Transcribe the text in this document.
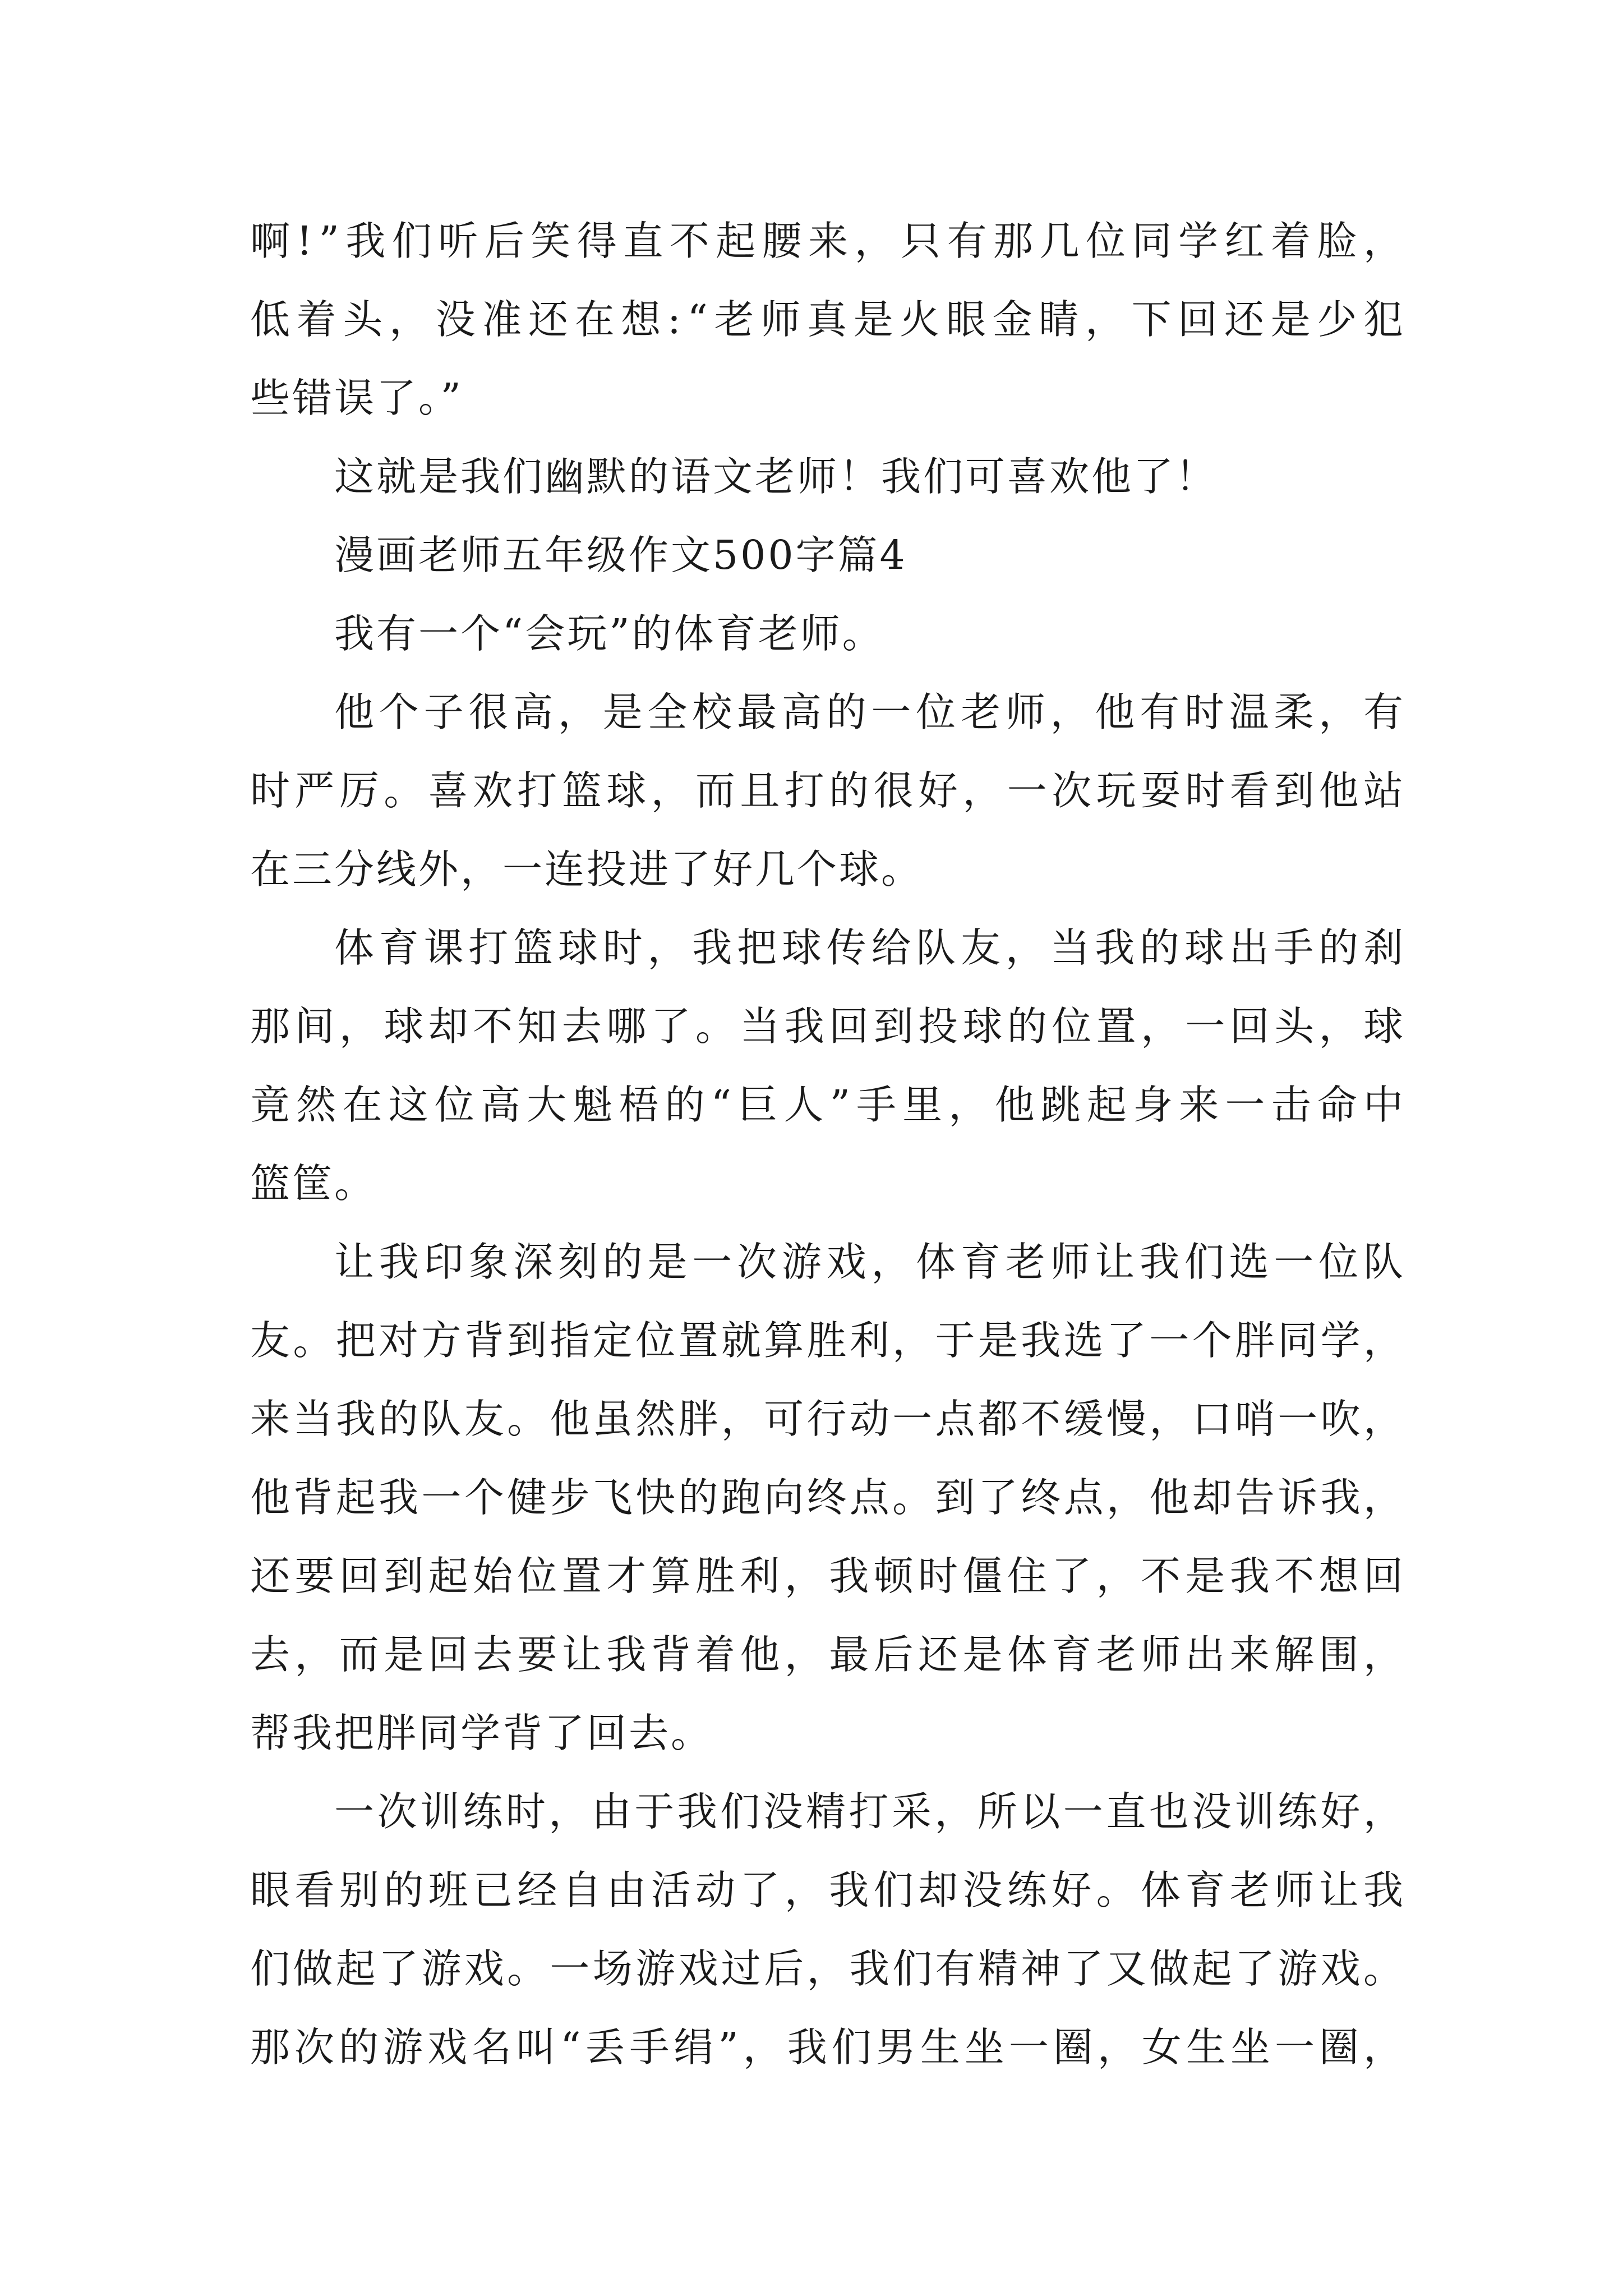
啊!”我们听后笑得直不起腰来，只有那几位同学红着脸，
低着头，没准还在想:“老师真是火眼金睛，下回还是少犯
些错误了。”
这就是我们幽默的语文老师！我们可喜欢他了！
漫画老师五年级作文500字篇4
我有一个“会玩”的体育老师。
他个子很高，是全校最高的一位老师，他有时温柔，有
时严厉。喜欢打篮球，而且打的很好，一次玩耍时看到他站
在三分线外，一连投进了好几个球。
体育课打篮球时，我把球传给队友，当我的球出手的刹
那间，球却不知去哪了。当我回到投球的位置，一回头，球
竟然在这位高大魁梧的“巨人”手里，他跳起身来一击命中
篮筐。
让我印象深刻的是一次游戏，体育老师让我们选一位队
友。把对方背到指定位置就算胜利，于是我选了一个胖同学，
来当我的队友。他虽然胖，可行动一点都不缓慢，口哨一吹，
他背起我一个健步飞快的跑向终点。到了终点，他却告诉我，
还要回到起始位置才算胜利，我顿时僵住了，不是我不想回
去，而是回去要让我背着他，最后还是体育老师出来解围，
帮我把胖同学背了回去。
一次训练时，由于我们没精打采，所以一直也没训练好，
眼看别的班已经自由活动了，我们却没练好。体育老师让我
们做起了游戏。一场游戏过后，我们有精神了又做起了游戏。
那次的游戏名叫“丢手绢”，我们男生坐一圈，女生坐一圈，
